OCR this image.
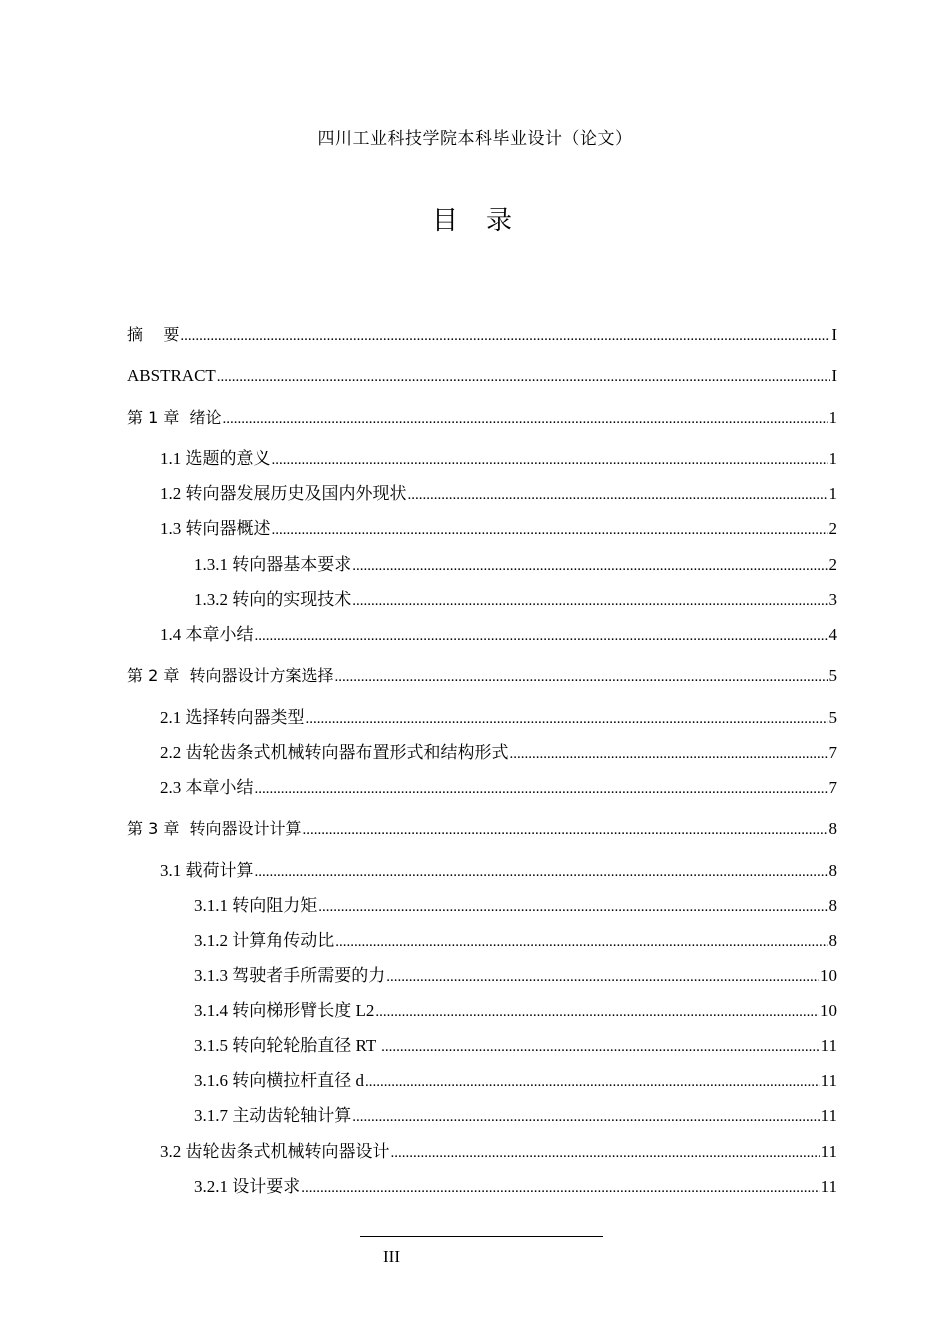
四川工业科技学院本科毕业设计（论文）
目录
摘    要 .....	I
ABSTRACT .....	I
第 1 章  绪论 .....	1
1.1 选题的意义 .....	1
1.2 转向器发展历史及国内外现状 .....	1
1.3 转向器概述 .....	2
1.3.1 转向器基本要求 .....	2
1.3.2 转向的实现技术 .....	3
1.4 本章小结 .....	4
第 2 章  转向器设计方案选择 .....	5
2.1 选择转向器类型 .....	5
2.2 齿轮齿条式机械转向器布置形式和结构形式 .....	7
2.3 本章小结 .....	7
第 3 章  转向器设计计算 .....	8
3.1 载荷计算 .....	8
3.1.1 转向阻力矩 .....	8
3.1.2 计算角传动比 .....	8
3.1.3 驾驶者手所需要的力 .....	10
3.1.4 转向梯形臂长度 L2 .....	10
3.1.5 转向轮轮胎直径 RT .....	11
3.1.6 转向横拉杆直径 d .....	11
3.1.7 主动齿轮轴计算 .....	11
3.2 齿轮齿条式机械转向器设计 .....	11
3.2.1 设计要求 .....	11
III
